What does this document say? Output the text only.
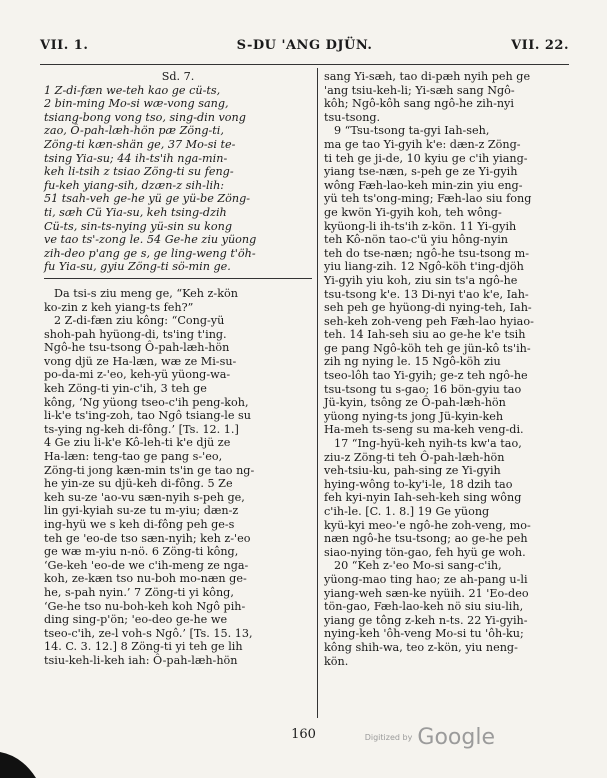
VII. 1.	S-DU 'ANG DJÜN.	VII. 22.

Sd. 7.

1 Z-di-fæn we-teh kao ge cü-ts,
2 bin-ming Mo-si wæ-vong sang,
tsiang-bong vong tso, sing-din vong
zao, Ô-pah-læh-hön pæ Zöng-ti,
Zöng-ti kæn-shän ge, 37 Mo-si te-
tsing Yia-su; 44 ih-ts'ih nga-min-
keh li-tsih z tsiao Zöng-ti su feng-
fu-keh yiang-sih, dzæn-z sih-lih:
51 tsah-veh ge-he yü ge yü-be Zöng-
ti, sæh Cü Yia-su, keh tsing-dzih
Cü-ts, sin-ts-nying yü-sin su kong
ve tao ts'-zong le. 54 Ge-he ziu yüong
zih-deo p'ang ge s, ge ling-weng t'öh-
fu Yia-su, gyiu Zöng-ti sö-min ge.

Da tsi-s ziu meng ge, “Keh z-kön
ko-zin z keh yiang-ts feh?”

2 Z-di-fæn ziu kông: “Cong-yü
shoh-pah hyüong-di, ts'ing t'ing.
Ngô-he tsu-tsong Ô-pah-læh-hön
vong djü ze Ha-læn, wæ ze Mi-su-
po-da-mi z-'eo, keh-yü yüong-wa-
keh Zöng-ti yin-c'ih, 3 teh ge
kông, ‘Ng yüong tseo-c'ih peng-koh,
li-k'e ts'ing-zoh, tao Ngô tsiang-le su
ts-ying ng-keh di-fông.’ [Ts. 12. 1.]
4 Ge ziu li-k'e Kô-leh-ti k'e djü ze
Ha-læn: teng-tao ge pang s-'eo,
Zöng-ti jong kæn-min ts'in ge tao ng-
he yin-ze su djü-keh di-fông. 5 Ze
keh su-ze 'ao-vu sæn-nyih s-peh ge,
lin gyi-kyiah su-ze tu m-yiu; dæn-z
ing-hyü we s keh di-fông peh ge-s
teh ge 'eo-de tso sæn-nyih; keh z-'eo
ge wæ m-yiu n-nö. 6 Zöng-ti kông,
‘Ge-keh 'eo-de we c'ih-meng ze nga-
koh, ze-kæn tso nu-boh mo-næn ge-
he, s-pah nyin.’ 7 Zöng-ti yi kông,
‘Ge-he tso nu-boh-keh koh Ngô pih-
ding sing-p'ön; 'eo-deo ge-he we
tseo-c'ih, ze-l voh-s Ngô.’ [Ts. 15. 13,
14. C. 3. 12.] 8 Zöng-ti yi teh ge lih
tsiu-keh-li-keh iah: Ô-pah-læh-hön

sang Yi-sæh, tao di-pæh nyih peh ge
'ang tsiu-keh-li; Yi-sæh sang Ngô-
kôh; Ngô-kôh sang ngô-he zih-nyi
tsu-tsong.

9 “Tsu-tsong ta-gyi Iah-seh,
ma ge tao Yi-gyih k'e: dæn-z Zöng-
ti teh ge ji-de, 10 kyiu ge c'ih yiang-
yiang tse-næn, s-peh ge ze Yi-gyih
wông Fæh-lao-keh min-zin yiu eng-
yü teh ts'ong-ming; Fæh-lao siu fong
ge kwön Yi-gyih koh, teh wông-
kyüong-li ih-ts'ih z-kön. 11 Yi-gyih
teh Kô-nön tao-c'ü yiu hông-nyin
teh do tse-næn; ngô-he tsu-tsong m-
yiu liang-zih. 12 Ngô-köh t'ing-djöh
Yi-gyih yiu koh, ziu sin ts'a ngô-he
tsu-tsong k'e. 13 Di-nyi t'ao k'e, Iah-
seh peh ge hyüong-di nying-teh, Iah-
seh-keh zoh-veng peh Fæh-lao hyiao-
teh. 14 Iah-seh siu ao ge-he k'e tsih
ge pang Ngô-köh teh ge jün-kô ts'ih-
zih ng nying le. 15 Ngô-köh ziu
tseo-lôh tao Yi-gyih; ge-z teh ngô-he
tsu-tsong tu s-gao; 16 bön-gyiu tao
Jü-kyin, tsông ze Ô-pah-læh-hön
yüong nying-ts jong Jü-kyin-keh
Ha-meh ts-seng su ma-keh veng-di.

17 “Ing-hyü-keh nyih-ts kw'a tao,
ziu-z Zöng-ti teh Ô-pah-læh-hön
veh-tsiu-ku, pah-sing ze Yi-gyih
hying-wông to-ky'i-le, 18 dzih tao
feh kyi-nyin Iah-seh-keh sing wông
c'ih-le. [C. 1. 8.] 19 Ge yüong
kyü-kyi meo-'e ngô-he zoh-veng, mo-
næn ngô-he tsu-tsong; ao ge-he peh
siao-nying tön-gao, feh hyü ge woh.

20 “Keh z-'eo Mo-si sang-c'ih,
yüong-mao ting hao; ze ah-pang u-li
yiang-weh sæn-ke nyüih. 21 'Eo-deo
tön-gao, Fæh-lao-keh nö siu siu-lih,
yiang ge tông z-keh n-ts. 22 Yi-gyih-
nying-keh 'ôh-veng Mo-si tu 'ôh-ku;
kông shih-wa, teo z-kön, yiu neng-
kön.

160	Digitized by Google
